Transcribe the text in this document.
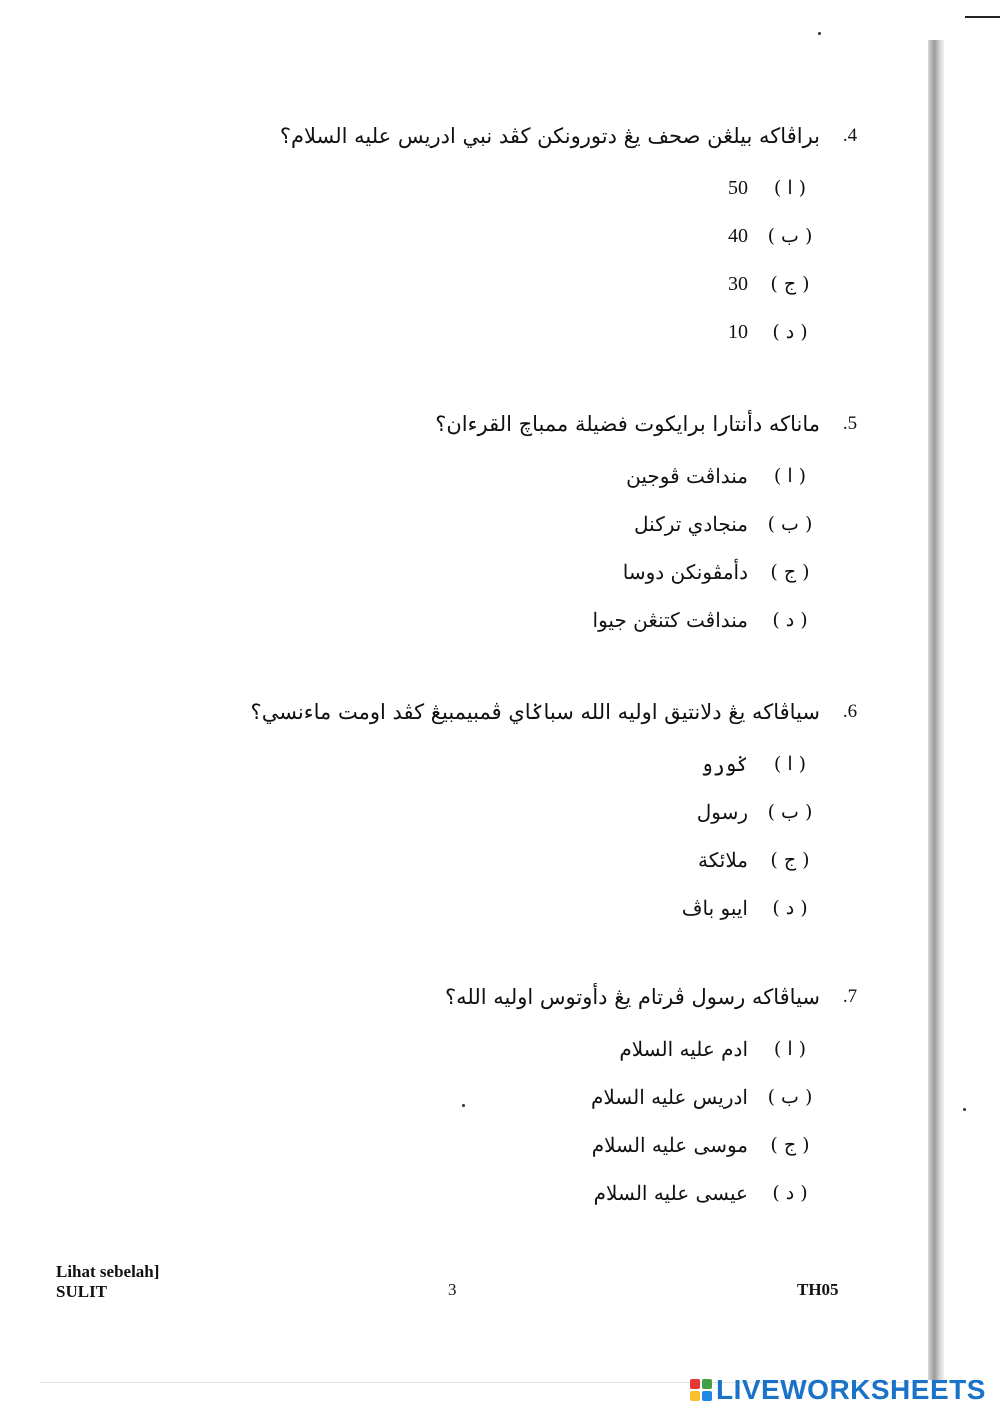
4.
براڤاكه بيلڠن صحف يڠ دتورونكن كڤد نبي ادريس عليه السلام؟
( ا )
50
( ب )
40
( ج )
30
( د )
10
5.
ماناكه دأنتارا برايكوت فضيلة ممباچ القرءان؟
( ا )
منداڤت ڤوجين
( ب )
منجادي تركنل
( ج )
دأمڤونكن دوسا
( د )
منداڤت كتنڠن جيوا
6.
سياڤاكه يڠ دلانتيق اوليه الله سباݢاي ڤمبيمبيڠ كڤد اومت ماءنسي؟
( ا )
ݢورو
( ب )
رسول
( ج )
ملائكة
( د )
ايبو باڤ
7.
سياڤاكه رسول ڤرتام يڠ دأوتوس اوليه الله؟
( ا )
ادم عليه السلام
( ب )
ادريس عليه السلام
( ج )
موسى عليه السلام
( د )
عيسى عليه السلام
Lihat sebelah]
SULIT	3	TH05
LIVEWORKSHEETS
